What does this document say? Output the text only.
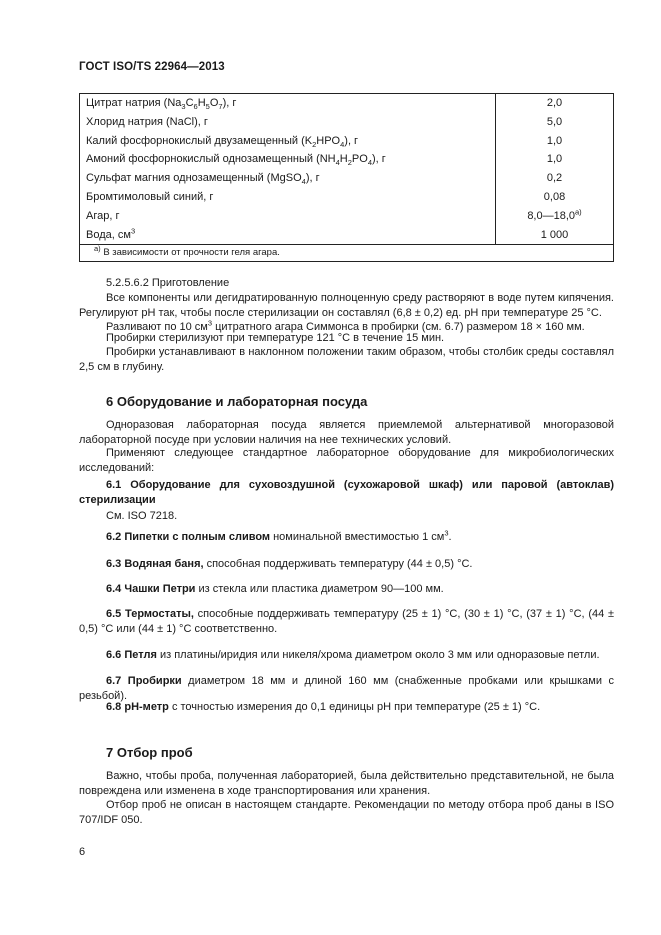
ГОСТ ISO/TS 22964—2013
Цитрат натрия $(Na_3C_6H_5O_7)$, г	2,0
Хлорид натрия (NaCl), г	5,0
Калий фосфорнокислый двузамещенный $(K_2HPO_4)$, г	1,0
Амоний фосфорнокислый однозамещенный $(NH_4H_2PO_4)$, г	1,0
Сульфат магния однозамещенный (MgSO$_4$), г	0,2
Бромтимоловый синий, г	0,08
Агар, г	8,0—18,0$^{a)}$
Вода, $см^3$	1 000
$^{a)}$ В зависимости от прочности геля агара.	
5.2.5.6.2 Приготовление
Все компоненты или дегидратированную полноценную среду растворяют в воде путем кипячения. Регулируют pH так, чтобы после стерилизации он составлял (6,8 ± 0,2) ед. pH при температуре 25 °C.
Разливают по 10 $см^3$ цитратного агара Симмонса в пробирки (см. 6.7) размером 18 × 160 мм.
Пробирки стерилизуют при температуре 121 °C в течение 15 мин.
Пробирки устанавливают в наклонном положении таким образом, чтобы столбик среды составлял 2,5 см в глубину.
6 Оборудование и лабораторная посуда
Одноразовая лабораторная посуда является приемлемой альтернативой многоразовой лабораторной посуде при условии наличия на нее технических условий.
Применяют следующее стандартное лабораторное оборудование для микробиологических исследований:
6.1 Оборудование для суховоздушной (сухожаровой шкаф) или паровой (автоклав) стерилизации
См. ISO 7218.
6.2 Пипетки с полным сливом номинальной вместимостью 1 $см^3$.
6.3 Водяная баня, способная поддерживать температуру (44 ± 0,5) °C.
6.4 Чашки Петри из стекла или пластика диаметром 90—100 мм.
6.5 Термостаты, способные поддерживать температуру (25 ± 1) °C, (30 ± 1) °C, (37 ± 1) °C, (44 ± 0,5) °C или (44 ± 1) °C соответственно.
6.6 Петля из платины/иридия или никеля/хрома диаметром около 3 мм или одноразовые петли.
6.7 Пробирки диаметром 18 мм и длиной 160 мм (снабженные пробками или крышками с резьбой).
6.8 pH-метр с точностью измерения до 0,1 единицы pH при температуре (25 ± 1) °C.
7 Отбор проб
Важно, чтобы проба, полученная лабораторией, была действительно представительной, не была повреждена или изменена в ходе транспортирования или хранения.
Отбор проб не описан в настоящем стандарте. Рекомендации по методу отбора проб даны в ISO 707/IDF 050.
6
